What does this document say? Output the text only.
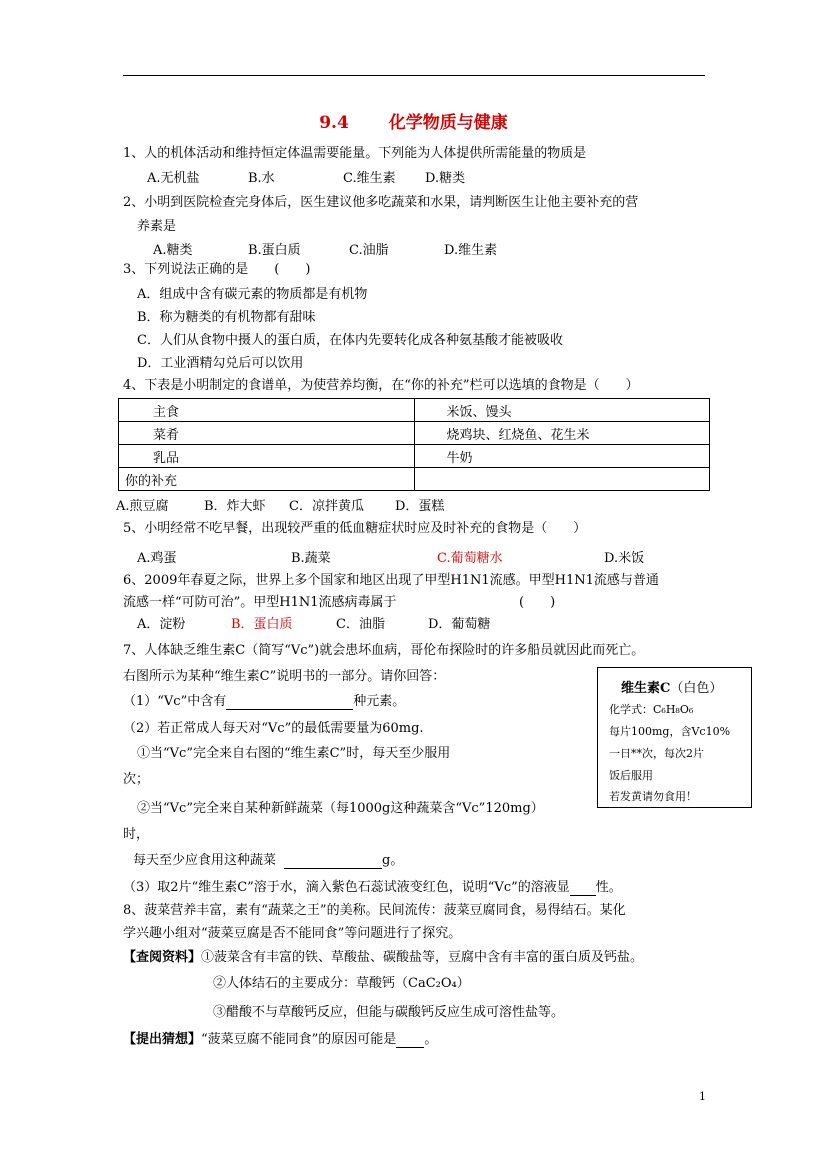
9.4 化学物质与健康
1、人的机体活动和维持恒定体温需要能量。下列能为人体提供所需能量的物质是
A.无机盐	B.水	C.维生素 D.糖类
2、小明到医院检查完身体后，医生建议他多吃蔬菜和水果，请判断医生让他主要补充的营
养素是
A.糖类	B.蛋白质	C.油脂	D.维生素
3、下列说法正确的是　　(　　)
A．组成中含有碳元素的物质都是有机物
B．称为糖类的有机物都有甜味
C．人们从食物中摄人的蛋白质，在体内先要转化成各种氨基酸才能被吸收
D．工业酒精勾兑后可以饮用
4、下表是小明制定的食谱单，为使营养均衡，在“你的补充”栏可以选填的食物是（　　）
主食	米饭、馒头
菜肴	烧鸡块、红烧鱼、花生米
乳品	牛奶
你的补充	
A.煎豆腐	B．炸大虾 C．凉拌黄瓜 D．蛋糕
5、小明经常不吃早餐，出现较严重的低血糖症状时应及时补充的食物是（　　）
A.鸡蛋	B.蔬菜	C.葡萄糖水	D.米饭
6、2009年春夏之际，世界上多个国家和地区出现了甲型H1N1流感。甲型H1N1流感与普通
流感一样“可防可治”。甲型H1N1流感病毒属于	(　　)
A．淀粉	B．蛋白质	C．油脂	D．葡萄糖
7、人体缺乏维生素C（简写“Vc”)就会患坏血病，哥伦布探险时的许多船员就因此而死亡。
右图所示为某种“维生素C”说明书的一部分。请你回答：
（1）“Vc”中含有	种元素。
（2）若正常成人每天对“Vc”的最低需要量为60mg.
①当“Vc”完全来自右图的“维生素C”时，每天至少服用
次；
②当“Vc”完全来自某种新鲜蔬菜（每1000g这种蔬菜含“Vc”120mg）
时，
每天至少应食用这种蔬菜	g。
（3）取2片“维生素C”溶于水，滴入紫色石蕊试液变红色，说明“Vc”的溶液显 性。
维生素C（白色）
化学式：C₆H₈O₆
每片100mg，含Vc10%
一日**次，每次2片
饭后服用
若发黄请勿食用！
8、菠菜营养丰富，素有“蔬菜之王”的美称。民间流传：菠菜豆腐同食，易得结石。某化
学兴趣小组对“菠菜豆腐是否不能同食”等问题进行了探究。
【查阅资料】①菠菜含有丰富的铁、草酸盐、碳酸盐等，豆腐中含有丰富的蛋白质及钙盐。
②人体结石的主要成分：草酸钙（CaC₂O₄）
③醋酸不与草酸钙反应，但能与碳酸钙反应生成可溶性盐等。
【提出猜想】“菠菜豆腐不能同食”的原因可能是 。
1
